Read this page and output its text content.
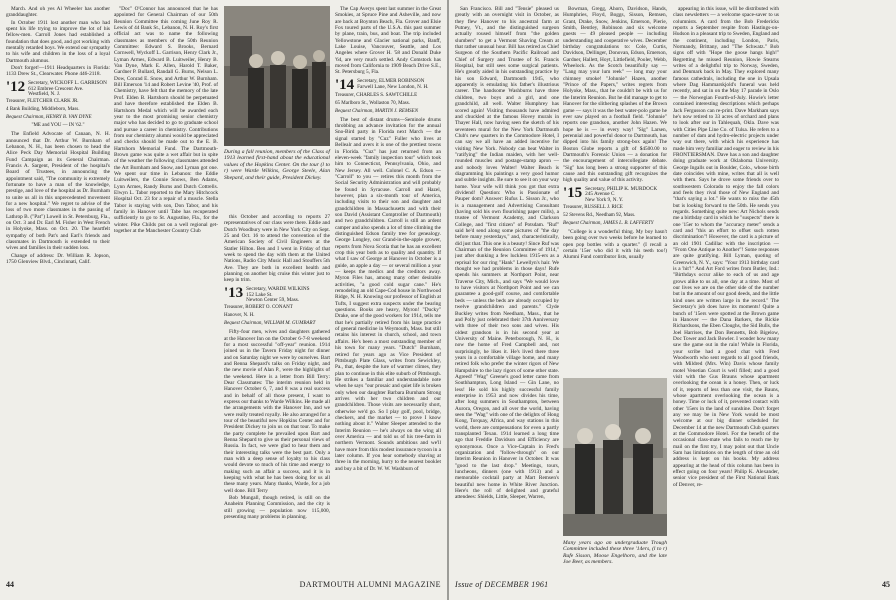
March. And oh yes Al Wheeler has another granddaughter.

In October 1911 lost another man who had spent his life trying to improve the lot of his fellow-men. Carroll Jones had established a foundation that does good, and got working with mentally retarded boys. We extend our sympathy to his wife and children in the loss of a loyal Dartmouth alumnus.

Don't forget!—1911 Headquarters in Florida: 1133 Drew St., Clearwater. Phone 446-2118.

'12 Secretary, WICKOFF L. GARRISON
612 Embree Crescent Ave.
Westfield, N. J.
Treasurer, FLETCHER CLARK JR.
4 Bank Building, Middleboro, Mass.
Bequest Chairman, HENRY B. VAN DYNE
"ME and YOU — IN '62."

The Enfield Advocate of Canaan, N. H. announced that Dr. Arthur W. Burnham of Lebanon, N. H., has been chosen to head the Alice Peck Day Memorial Hospital Building Fund Campaign as its General Chairman. Francis A. Sargent, President of the hospital's Board of Trustees, in announcing the appointment said, "The community is extremely fortunate to have a man of the knowledge, prestige, and love of the hospital as Dr. Burnham to unite us all in this unprecedented movement for a new hospital." We regret to advise of the loss of two more classmates in the passing of Lathrop B. ("Pat") Lowell in St. Petersburg, Fla., on Oct. 3 and Dr. Earl M. Fisher in West French in Holyoke, Mass. on Oct. 20. The heartfelt sympathy of both Pat's and Earl's friends and classmates in Dartmouth is extended to their wives and families in their sudden loss.

Change of address: Dr. William R. Jopson, 1750 Glenview Blvd., Cincinnati, Calif.

"Doc" O'Connor has announced that he has appointed for General Chairman of our 50th Reunion Committee this coming June Roy R. Lewis of 44 Bank St., Lebanon, N. H. Roy's first official act was to name the following classmates as members of the 50th Reunion Committee: Edward S. Brooks, Bernard Cornwell, Wyckoff L. Garrison, Henry Clark Jr., Lyman Armes, Edward B. Luitweiler, Henry B. Van Dyne, Mark E. Allen, Harold T. Baker, Gardner P. Bullard, Randall G. Burns, Nelson L. Dow, Conrad E. Snow, and Arthur W. Burnham. Bill Emerson '14 and Robert Levine '40, Prof. of Chemistry, have felt that the memory of the late Prof. Elden B. Hartshorn should be perpetuated and have therefore established the Elden B. Hartshorn Medal which will be awarded each year to the most promising senior chemistry major who has decided to go to graduate school and pursue a career in chemistry. Contributions from our chemistry alumni would be appreciated and checks should be made out to the E. B. Hartshorn Memorial Fund. The Dartmouth-Brown game was quite a wet affair but in spite of the weather the following classmates attended the Art Burnham and Snow, and Lyman got one. We spent our time in Lebanon: the Eddie Luitweilers, the Connie Snows, Ben Adams, Lynn Armes, Randy Burns and Dutch Cottrells. Elwyn L. Tabor reported to the Mary Hitchcock Hospital Oct. 23 for a repair of a muscle. Stella Tabor is staying with son, Don Tabor, and his family in Hanover until Tabe has recuperated sufficiently to go to St. Augustine, Fla., for the winter. Pike Childs put on a well regional get-together at the Manchester Country Club

During a fall reunion, members of the Class of 1913 learned first-hand about the educational values of the Hopkins Center. On the tour (l to r) were Warde Wilkins, George Steele, Alan Shepard, and their guide, President Dickey.

this October and according to reports 27 representatives of our class were there. Eddie and Dutch Woodbury were in New York City on Sept. 25 and Oct. 16 to attend the convention of the American Society of Civil Engineers at the Statler Hilton. Ben and I went in Friday of that week to spend the day with them at the United Nations, Radio City Music Hall and Stouffers 5th Ave. They are both in excellent health and planning on another big cruise this winter just to keep in trim.

'13 Secretary, WARDE WILKINS
152 Lake St.
Newton Center 59, Mass.
Treasurer, ROBERT O. CONANT
Hanover, N. H.
Bequest Chairman, WILLIAM M. GUMBART

Fifty-four men, wives and daughters gathered at the Hanover Inn on the October 6-7-8 weekend for a most successful "off-year" reunion. 1914 joined us in the Tavern Friday night for dinner and on Saturday night we were by ourselves. Bart and Renna Shepard's talks on Friday night, and the new movie of Alan P., were the highlights of the weekend. Here is a letter from Bill Terry: Dear Classmates: The interim reunion held in Hanover October 6, 7, and 8 was a real success and in behalf of all those present, I want to express our thanks to Warde Wilkins. He made all the arrangements with the Hanover Inn, and we were really treated royally. He also arranged for a tour of the beautiful new Hopkins Center and for President Dickey to join us on that tour. To make the party complete he prevailed upon Bart and Renna Shepard to give us their personal views of Russia. In fact, we were glad to hear them and their interesting talks were the best part. Only a man with a deep sense of loyalty to his class would devote so much of his time and energy to making such an affair a success, and it is in keeping with what he has been doing for us all these many years. Many thanks, Warde, for a job well done. Bill Terry

Bob Mungall, though retired, is still on the Anaheim Planning Commission, and the city is still growing — population now 115,000, presenting many problems in planning.

The Cap Averys spent last summer in the Great Smokies, at Spruce Pine and Asheville, and now are back at Boynton Beach, Fla. Grover and Elsie Fox toured parts of the U.S.A. this past summer by plane, train, bus, and boat. The trip included Yellowstone and Glacier national parks, Banff, Lake Louise, Vancouver, Seattle, and Los Angeles where Grover H. '58 and Donald Duke '64, are very much settled. Andy Comstock has moved from California to 1909 Beach Drive S.E., St. Petersburg 5, Fla.

'14 Secretary, ELMER ROBINSON
Farwell Lane, New London, N. H.
Treasurer, CHARLES S. SAWTCHILLE
65 Marlboro St., Wollaston 70, Mass.
Bequest Chairman, MARTIN J. REMSEN

The best of distant drums—Seminole drums throbbing an advance invitation for the annual Sno-Bird party in Florida next March — the signal started by "Cuz" Fuller who lives at Bellealr and avers it is one of the prettiest towns in Florida. "Cuz" has just returned from an eleven-week "family inspection tour" which took him to Connecticut, Pennsylvania, Ohio, and New Jersey. All well. Colonel C. A. Edson — "Carroll" to you — retires this month from the Social Security Administration and will probably be found in Syracuse. Carroll and Hazel, however, plan a six-month tour of America, including visits to their son and daughter and grandchildren in Massachusetts and with their son David (Assistant Comptroller of Dartmouth) and two grandchildren. Carroll is still an ardent camper and also spends a lot of time climbing the distinguished Edson family tree for genealogy. George Longley, our Grand-in-the-apple grower, reports from Nova Scotia that he has an excellent crop this year both as to quality and quantity. If what I saw of George at Hanover in October is a guide, an apple a day — or several million a year — keeps the medics and the creditors away. Myron Files has, among many other desirable activities, "a good cold sugar cane." He's remodeling an old Cape-Cod house in Northwood Ridge, N. H. Knowing our professor of English at Tufts, I suggest extra suspects under the bearing questions. Books are heavy, Myron! "Ducky" Drake, one of the good workers for 1914, tells me that he's partially retired from his large practice of general medicine in Weymouth, Mass. but still retains his interest in church, school, and town affairs. He's been a most outstanding member of his town for many years. "Dutch" Burnham, retired for years ago as Vice President of Pittsburgh Plate Glass, writes from Sewickley, Pa., that, despite the lure of warmer climes, they plan to continue in this elite suburb of Pittsburgh. He strikes a familiar and understandable note when he says "our prosaic and quiet life is broken only when our daughter Barbara Burnham Strong arrives with her two children and our grandchildren. Those visits are necessarily short, otherwise we'd go. So I play golf, pool, bridge, checkers, and the market — to prove I know nothing about it." Walter Sleeper attended to the Interim Reunion — he's always on the wing all over America — and told us of his tree-farm in northern Vermont. Sounds ambitious and we'll have more from this modest insurance tycoon in a later column. If you hear somebody shaving at three in the morning, hurry to the nearest booklet and buy a bit of Dr. W. W. Washburn of

44	DARTMOUTH ALUMNI MAGAZINE

San Francisco. Bill and "Tensie" pleased us greatly with an overnight visit in October, as they flew Hanover to his ancestral farm at Putney, Vt., and the distinguished surgeon actually roused himself from "the golden slumbers" to get a Vermont Shaving Cream at that rather unusual hour. Bill has retired as Chief Surgeon of the Southern Pacific Railroad and Chief of Surgery and Trustee of St. Francis Hospital, but still sees some surgical patients. He's greatly aided in his outstanding practice by his son Edward, Dartmouth 1945, who apparently is emulating his father's illustrious career. The handsome Washburns have three children, two boys and a girl, and one grandchild, all well. Walter Humphrey has scored again! Visiting thousands have admired and chuckled at the famous Hovey murals in Thayer Hall, now having seen the sketch of his seventeen mural for the New York Dartmouth Club's new quarters in the Commodore Hotel, I can say we all have an added incentive for visiting New York. Nobody can beat Walter in "ratifying" the Indian maiden, with her well-rounded muscles and postage-stamp apron — and nobody loves Walter! Walter Beach is diagramming his paintings a very good humor and subtle insights. Be sure to see it on your way home. Your wife will think you got that extra dividend! Question: Who is Passionate of Pauper dom? Answer: Rufus L. Sisson Jr., who is a management and Advertising Consultant (having sold his own flourishing paper mills), a trustee of Vermont Academy, and Clarkson College, and "first citizen" of Potsdam. "Ruf" said he'd send along some pictures of "the day before many yesterdays," and, characteristically, did just that. This one is a beauty! Since Ruf was Chairman of the Reunion Committee of 1914," just after dunking a few luckless 1915-ers as a reprisal for our ring "Hank" Lewellyn's hair. We thought we had problems in those days! Rufe spends his summers at Northport Point, near Traverse City, Mich., and says "We would love to have visitors at Northport Point and we can guarantee a good-golf course, and comfortable beds — unless the beds are already occupied by twelve grandchildren and parents." Clyde Buckley writes from Needham, Mass., that he and Polly just celebrated their 37th Anniversary with three of their two sons and wives. His oldest grandson is in his second year at University of Maine. Peterborough, N. H., is now the home of Fred Campbell and, not surprisingly, he likes it. He's lived there three years in a comfortable village home, and many retired folk who prefer the winter rigors of New Hampshire to the lazy rigors of some other state. Agreed! "Wag" Greene's good letter came from Southhampton, Long Island — Gin Lane, no less! He sold his highly successful family enterprise in 1953 and now divides his time, after long summers in Southampton, between Aurora, Oregon, and all over the world, having seen the "Wag" with one of the delights of Hong Kong, Torquay, Africa, and way stations in this world, there are compensations for even a partly transplanted Texan. 1914 learned a long time ago that Freddie Davidson and Efficiency are synonymous. Once a Vice-Captain in Fred's organization and "follow-through" on our Interim Reunion in Hanover in October. It was "good to the last drop." Meetings, tours, luncheons, dinners (one with 1913) and a memorable cocktail party at Mart Remsen's beautiful new home in White River Junction. Here's the roll of delighted and grateful attendees: Shields, Little, Sleeper, Warren,

Bowman, Gregg, Ahorn, Davidson, Hands, Humphries, Floyd, Boggs, Sisson, Remsen, Grant, Drake, Snow, Jenkins, Emerson, Pierie, Smith, Bentley, Robinson and six welcome guests — 49 pleased people — including understanding and cooperative wives. December birthday congratulations to: Cole, Curtis, Davidson, Dellinger, Donovan, Edson, Emerson, Gardner, Hallett, Hoyt, Littlefield, Pooler, Webb, Wheelock. As the Scotch beautifully say — "Lang may your lum reek" — long may your chimney smoke! "Johnnie" Hazen, another "Prince of the Papers," writes regrets from Holyoke, Mass., that he couldn't be with us for the Interim Reunion. But he did manage to get to Hanover for the slithering splashes of the Brown game — says it was the best water-polo game he ever saw played on a football field. "Johnnie" reports one grandson, another John Hazen. We hope he is — in every way! "Sig" Larsen, perennial and powerful donor to Dartmouth, has dipped into his family strong-box again! The Boston Globe reports a gift of $4500.00 to Dartmouth's Forensic Union — a donation for the encouragement of intercollegiate debate. "Sig" has long been a strong supporter of this cause and this outstanding gift recognizes the high quality and value of this activity.

'15 Secretary, PHILIP K. MURDOCK
245 Avenue C
New York 9, N. Y.
Treasurer, RUSSELL J. RICE
52 Stevens Rd., Needham 92, Mass.
Bequest Chairman, JAMES L. B. LAFFERTY

"College is a wonderful thing. My boy hasn't been going over two weeks before he learned to open pop bottles with a quarter." (I recall a certain '15er who did it with his teeth too!) Alumni Fund contributor lists, usually

Many years ago an undergraduate Trough Committee included these three '14ers, (l to r) Rufe Sisson, Moose Engelhorn, and the late Joe Beer, as members.

appearing in this issue, will be distributed with class newsletters — a welcome space-saver to us columnists. A card from the Bob Fredericks reports a September respite from Hastings-on-Hudson in a pleasant trip to Sweden, England and the continent, including London, Paris, Normandy, Brittany, and "The Schwatz." Bob signs off with "Hope the goose hangs high!" Regretting he missed Reunion, Howie Stearns writes of a delightful trip to Norway, Sweden, and Denmark back in May. They explored many famous cathedrals, including the one in Upsala where Dag Hammarskjold's funeral was held recently, and sat in on the May 17 parade in Oslo — the Norwegian Fourth-of-July. Howie's letter contained interesting descriptions which perhaps Jack Fergusson can re-print. Dave Markham says he's now retired to 33 acres of orchard and plans to look after our in Tahlequah, Okla. Dave was with Cities Pipe Line Co. of Tulsa. He refers to a number of dam and hydro-electric projects under way out there, with which his experience has made him very familiar and eager to review in his FRONTIERSMAN. Dave has a son and daughter doing graduate work at Oklahoma University. George Ingalls out in Boulder, Colo., whose birth date coincides with mine, writes that all is well with them. Says he drove some friends over to southwestern Colorado to enjoy the fall colors and feels they rival those of New England and "that's saying a lot." He wants to miss the 45th but is looking forward to the 50th. He sends you regards. Something quite new: Art Nichols sends me a birthday card in which he "suspects" there is one '15er to whom the "accuracy meter" sends a card and "this an effort to offset such rotten discrimination"! However, the card is a picture of an old 1901 Cadillac with the inscription — "From One Antique to Another"! Some responses are quite gratifying. Bill Lyman, quoting of Greenwich, N. Y., says: "Your 1913 birthday card is a 'hit'!" And Art Ford writes from Butler, Ind.: "Birthdays occur alike to each of us and age grows alike to us all, one day at a time. Most of our lives we are on the other side of the number but in the amount of our good deeds, and the little kind ones are written large in the record." The Secretary's job does have its moments! Quite a bunch of '15ers were spotted at the Brown game in Hanover — the Dana Barkers, the Rickie Richardsons, the Eben Cloughs, the Sid Bulls, the Joel Harrises, the Don Bennetts, Bob Bigelow, Doc Tower and Jack Bowler. I wonder how many saw the game out in the rain! While in Florida, your scribe had a good chat with Fred Woodworth who sent regards to all good friends, with Mildred (Mrs. Win) Davis whose family motel Venetian Court is well filled; and a good visit with the Gus Brauns whose apartment overlooking the ocean is a honey. Then, or luck of it, reports of less than one visit, the Bauns, whose apartment overlooking the ocean is a honey. Time or luck of it, prevented contact with other '15ers in the land of sunshine. Don't forget any we may be in New York would be most welcome at our big dinner scheduled for December 14 at the new Dartmouth Club quarters at the Commodore Hotel. For the benefit of the occasional class-mate who fails to reach me by mail on the first try, I may point out that Uncle Sam has limitations on the length of time an old address is kept on his books. My address appearing at the head of this column has been in effect going on four years! Philip K. Alexander, senior vice president of the First National Bank of Denver, re-

Issue of DECEMBER 1961	45
